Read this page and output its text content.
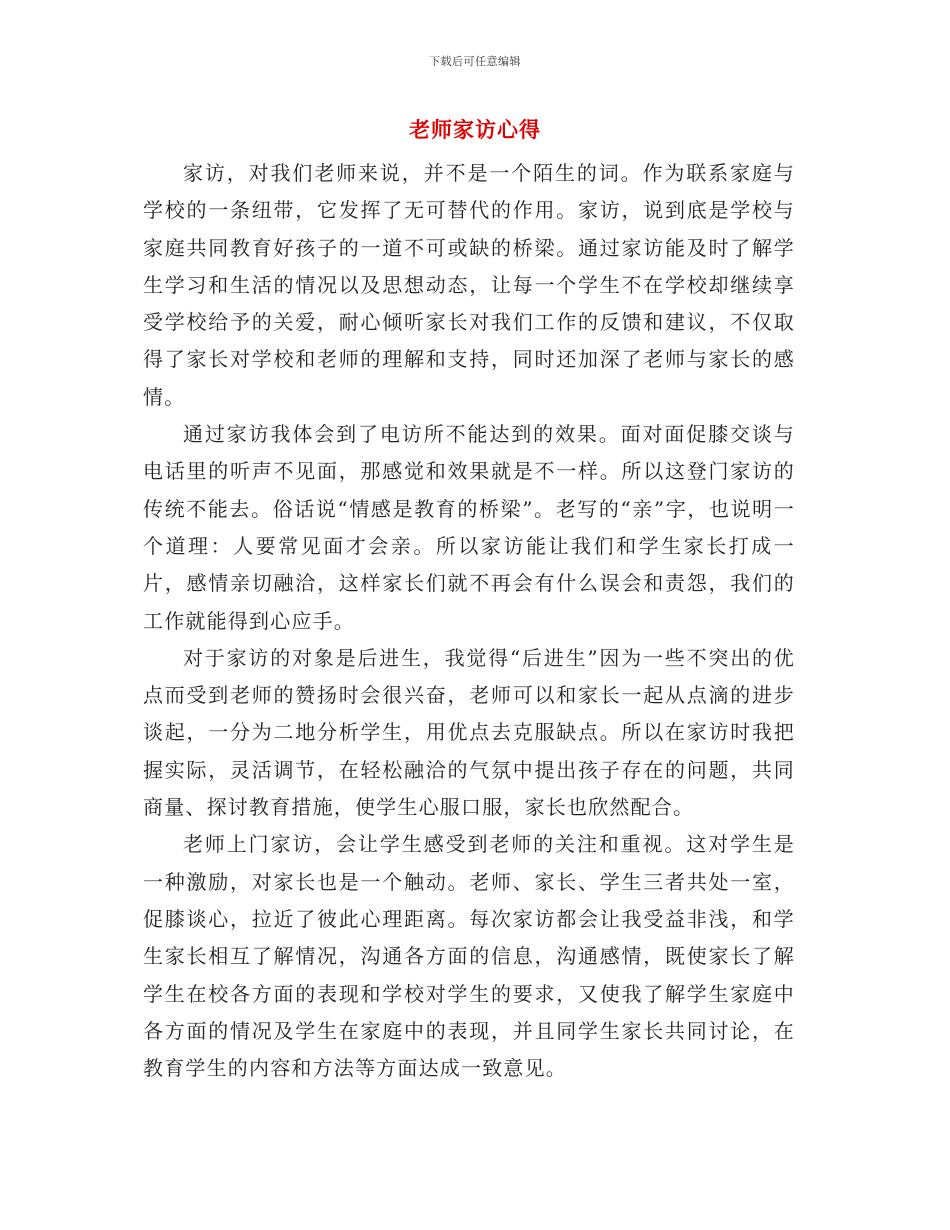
下载后可任意编辑
老师家访心得

家访，对我们老师来说，并不是一个陌生的词。作为联系家庭与学校的一条纽带，它发挥了无可替代的作用。家访，说到底是学校与家庭共同教育好孩子的一道不可或缺的桥梁。通过家访能及时了解学生学习和生活的情况以及思想动态，让每一个学生不在学校却继续享受学校给予的关爱，耐心倾听家长对我们工作的反馈和建议，不仅取得了家长对学校和老师的理解和支持，同时还加深了老师与家长的感情。

通过家访我体会到了电访所不能达到的效果。面对面促膝交谈与电话里的听声不见面，那感觉和效果就是不一样。所以这登门家访的传统不能去。俗话说“情感是教育的桥梁”。老写的“亲”字，也说明一个道理：人要常见面才会亲。所以家访能让我们和学生家长打成一片，感情亲切融洽，这样家长们就不再会有什么误会和责怨，我们的工作就能得到心应手。

对于家访的对象是后进生，我觉得“后进生”因为一些不突出的优点而受到老师的赞扬时会很兴奋，老师可以和家长一起从点滴的进步谈起，一分为二地分析学生，用优点去克服缺点。所以在家访时我把握实际，灵活调节，在轻松融洽的气氛中提出孩子存在的问题，共同商量、探讨教育措施，使学生心服口服，家长也欣然配合。

老师上门家访，会让学生感受到老师的关注和重视。这对学生是一种激励，对家长也是一个触动。老师、家长、学生三者共处一室，促膝谈心，拉近了彼此心理距离。每次家访都会让我受益非浅，和学生家长相互了解情况，沟通各方面的信息，沟通感情，既使家长了解学生在校各方面的表现和学校对学生的要求，又使我了解学生家庭中各方面的情况及学生在家庭中的表现，并且同学生家长共同讨论，在教育学生的内容和方法等方面达成一致意见。
